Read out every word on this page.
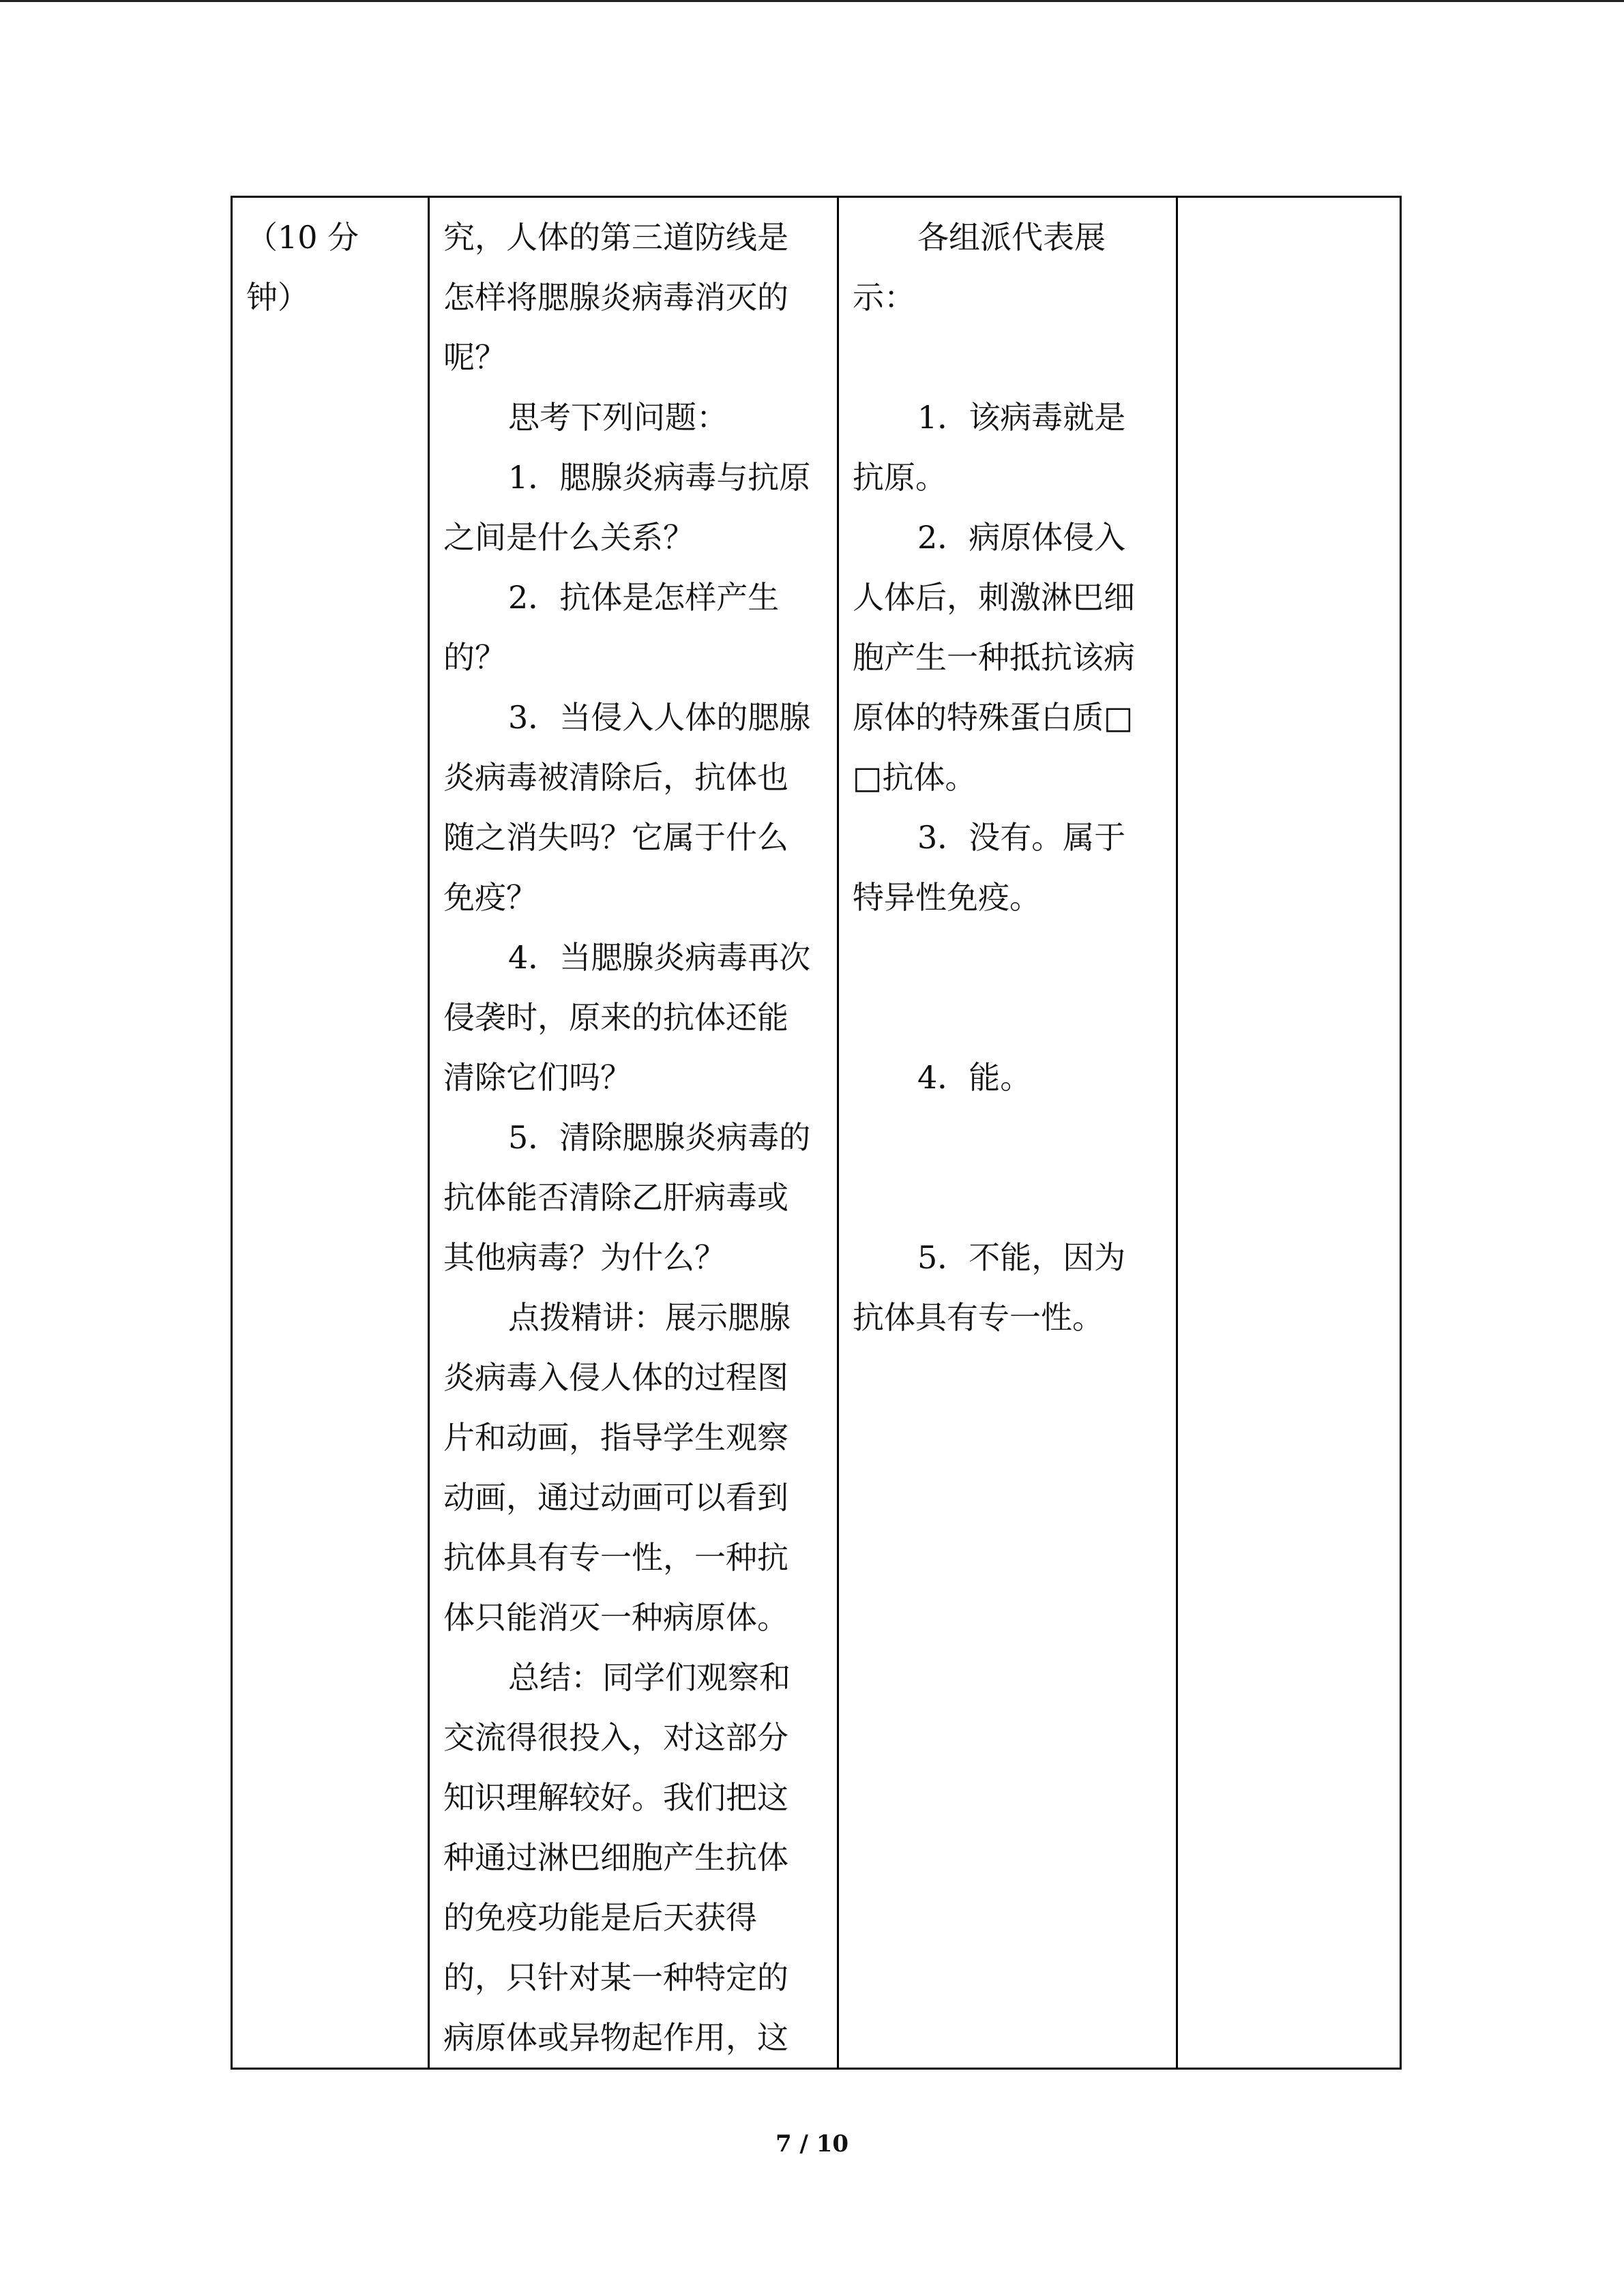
（10 分
钟）

究，人体的第三道防线是
怎样将腮腺炎病毒消灭的
呢？
思考下列问题：
1．腮腺炎病毒与抗原
之间是什么关系？
2．抗体是怎样产生
的？
3．当侵入人体的腮腺
炎病毒被清除后，抗体也
随之消失吗？它属于什么
免疫？
4．当腮腺炎病毒再次
侵袭时，原来的抗体还能
清除它们吗？
5．清除腮腺炎病毒的
抗体能否清除乙肝病毒或
其他病毒？为什么？
点拨精讲：展示腮腺
炎病毒入侵人体的过程图
片和动画，指导学生观察
动画，通过动画可以看到
抗体具有专一性，一种抗
体只能消灭一种病原体。
总结：同学们观察和
交流得很投入，对这部分
知识理解较好。我们把这
种通过淋巴细胞产生抗体
的免疫功能是后天获得
的，只针对某一种特定的
病原体或异物起作用，这

各组派代表展
示：
1．该病毒就是
抗原。
2．病原体侵入
人体后，刺激淋巴细
胞产生一种抵抗该病
原体的特殊蛋白质□
□抗体。
3．没有。属于
特异性免疫。
4．能。
5．不能，因为
抗体具有专一性。

7 / 10
